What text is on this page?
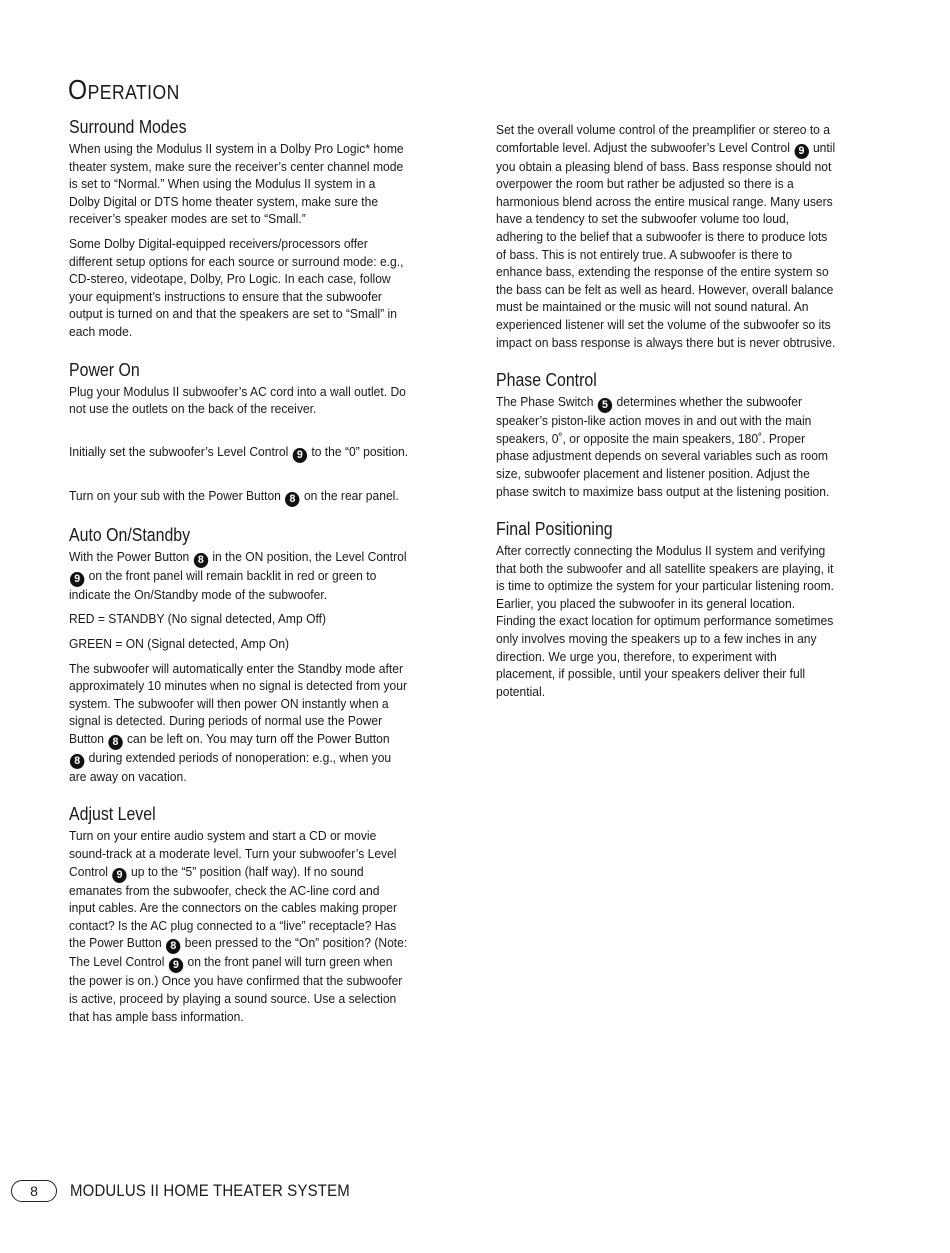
OPERATION
Surround Modes

When using the Modulus II system in a Dolby Pro Logic* home theater system, make sure the receiver’s center channel mode is set to “Normal.” When using the Modulus II system in a Dolby Digital or DTS home theater system, make sure the receiver’s speaker modes are set to “Small.”

Some Dolby Digital-equipped receivers/processors offer different setup options for each source or surround mode: e.g., CD-stereo, videotape, Dolby, Pro Logic. In each case, follow your equipment’s instructions to ensure that the subwoofer output is turned on and that the speakers are set to “Small” in each mode.

Power On

Plug your Modulus II subwoofer’s AC cord into a wall outlet. Do not use the outlets on the back of the receiver.

Initially set the subwoofer’s Level Control 9 to the “0” position.

Turn on your sub with the Power Button 8 on the rear panel.

Auto On/Standby

With the Power Button 8 in the ON position, the Level Control 9 on the front panel will remain backlit in red or green to indicate the On/Standby mode of the subwoofer.

RED = STANDBY (No signal detected, Amp Off)

GREEN = ON (Signal detected, Amp On)

The subwoofer will automatically enter the Standby mode after approximately 10 minutes when no signal is detected from your system. The subwoofer will then power ON instantly when a signal is detected. During periods of normal use the Power Button 8 can be left on. You may turn off the Power Button 8 during extended periods of nonoperation: e.g., when you are away on vacation.

Adjust Level

Turn on your entire audio system and start a CD or movie sound-track at a moderate level. Turn your subwoofer’s Level Control 9 up to the “5” position (half way). If no sound emanates from the subwoofer, check the AC-line cord and input cables. Are the connectors on the cables making proper contact? Is the AC plug connected to a “live” receptacle? Has the Power Button 8 been pressed to the “On” position? (Note: The Level Control 9 on the front panel will turn green when the power is on.) Once you have confirmed that the subwoofer is active, proceed by playing a sound source. Use a selection that has ample bass information.

Set the overall volume control of the preamplifier or stereo to a comfortable level. Adjust the subwoofer’s Level Control 9 until you obtain a pleasing blend of bass. Bass response should not overpower the room but rather be adjusted so there is a harmonious blend across the entire musical range. Many users have a tendency to set the subwoofer volume too loud, adhering to the belief that a subwoofer is there to produce lots of bass. This is not entirely true. A subwoofer is there to enhance bass, extending the response of the entire system so the bass can be felt as well as heard. However, overall balance must be maintained or the music will not sound natural. An experienced listener will set the volume of the subwoofer so its impact on bass response is always there but is never obtrusive.

Phase Control

The Phase Switch 5 determines whether the subwoofer speaker’s piston-like action moves in and out with the main speakers, 0˚, or opposite the main speakers, 180˚. Proper phase adjustment depends on several variables such as room size, subwoofer placement and listener position. Adjust the phase switch to maximize bass output at the listening position.

Final Positioning

After correctly connecting the Modulus II system and verifying that both the subwoofer and all satellite speakers are playing, it is time to optimize the system for your particular listening room. Earlier, you placed the subwoofer in its general location. Finding the exact location for optimum performance sometimes only involves moving the speakers up to a few inches in any direction. We urge you, therefore, to experiment with placement, if possible, until your speakers deliver their full potential.

8 MODULUS II HOME THEATER SYSTEM
